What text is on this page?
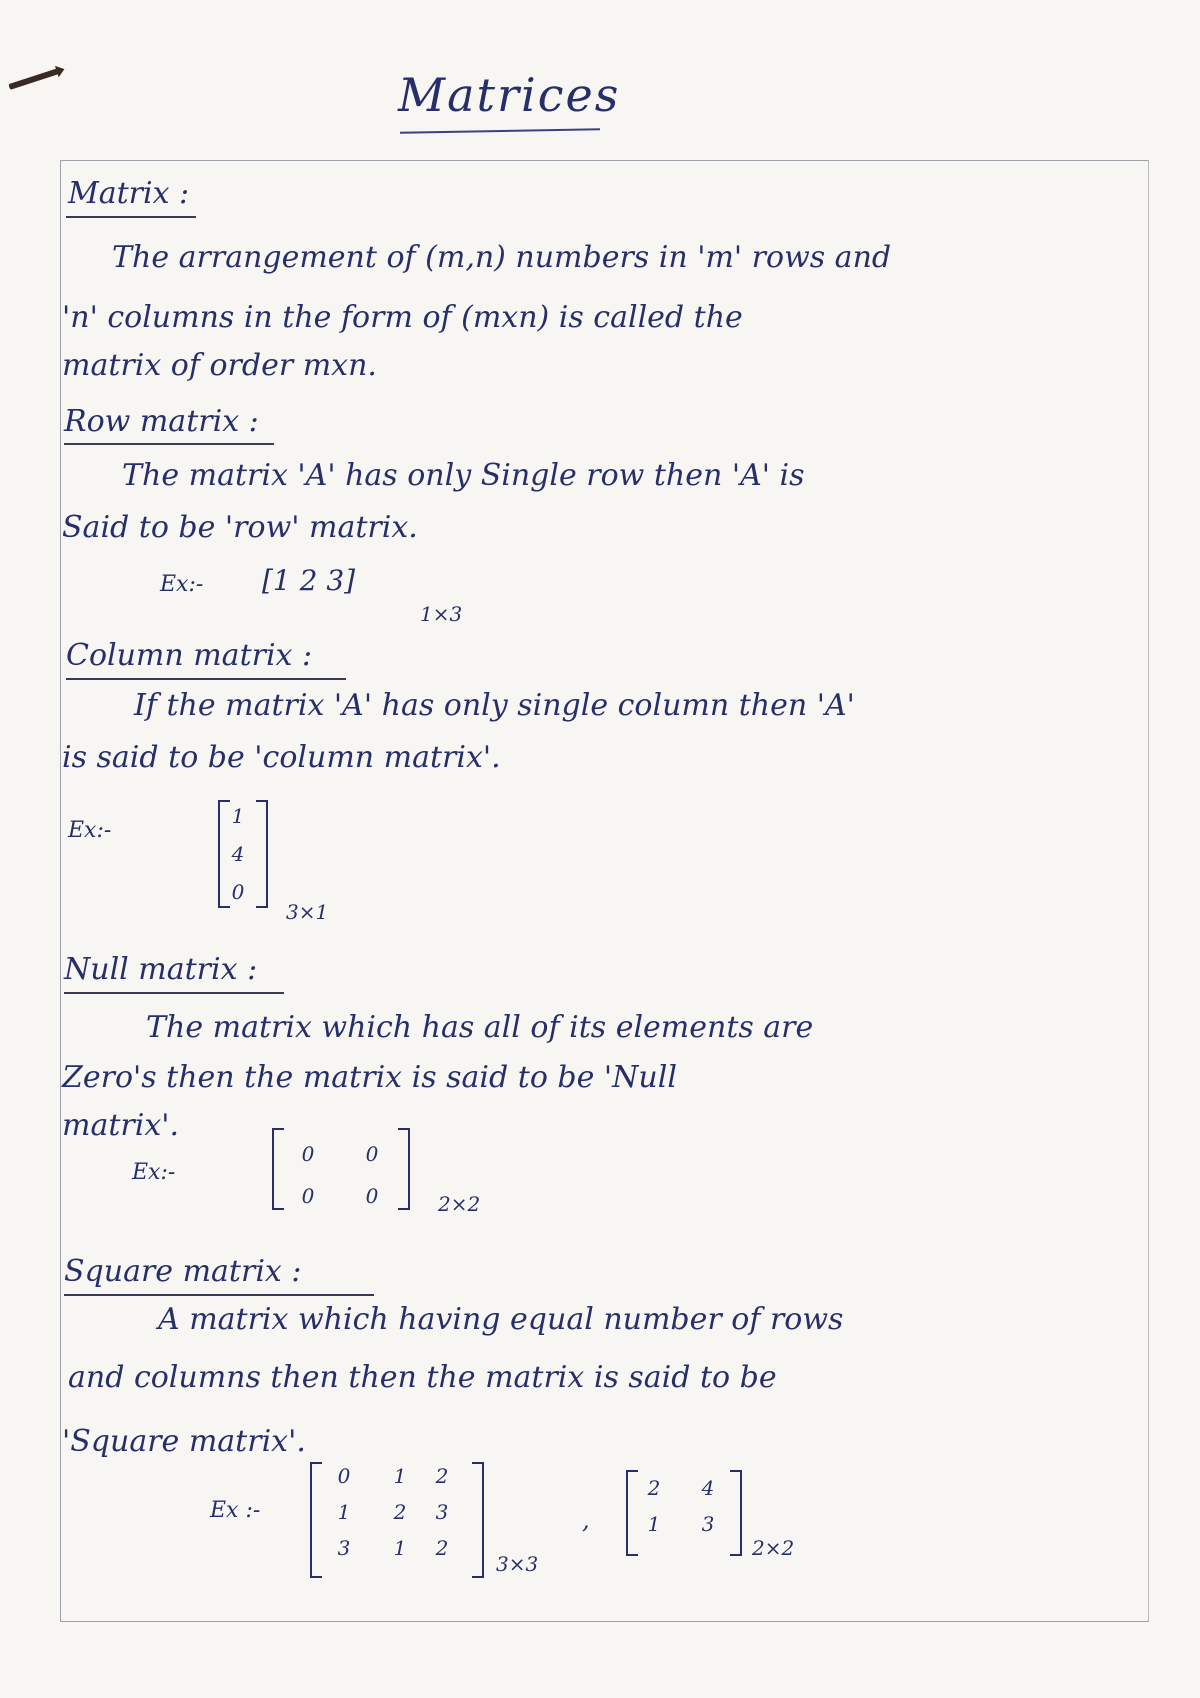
Matrices
Matrix :
The arrangement of (m,n) numbers in 'm' rows and
'n' columns in the form of (mxn) is called the
matrix of order mxn.
Row matrix :
The matrix 'A' has only Single row then 'A' is
Said to be 'row' matrix.
Ex:- [1 2 3]
1×3
Column matrix :
If the matrix 'A' has only single column then 'A'
is said to be 'column matrix'.
Ex:-
1
4
0
3×1
Null matrix :
The matrix which has all of its elements are
Zero's then the matrix is said to be 'Null
matrix'.
Ex:-
0	0
0	0	2×2
Square matrix :
A matrix which having equal number of rows
and columns then then the matrix is said to be
'Square matrix'.
Ex :-
0 1 2
1 2 3
3 1 2
3×3
,
2 4
1 3
2×2
